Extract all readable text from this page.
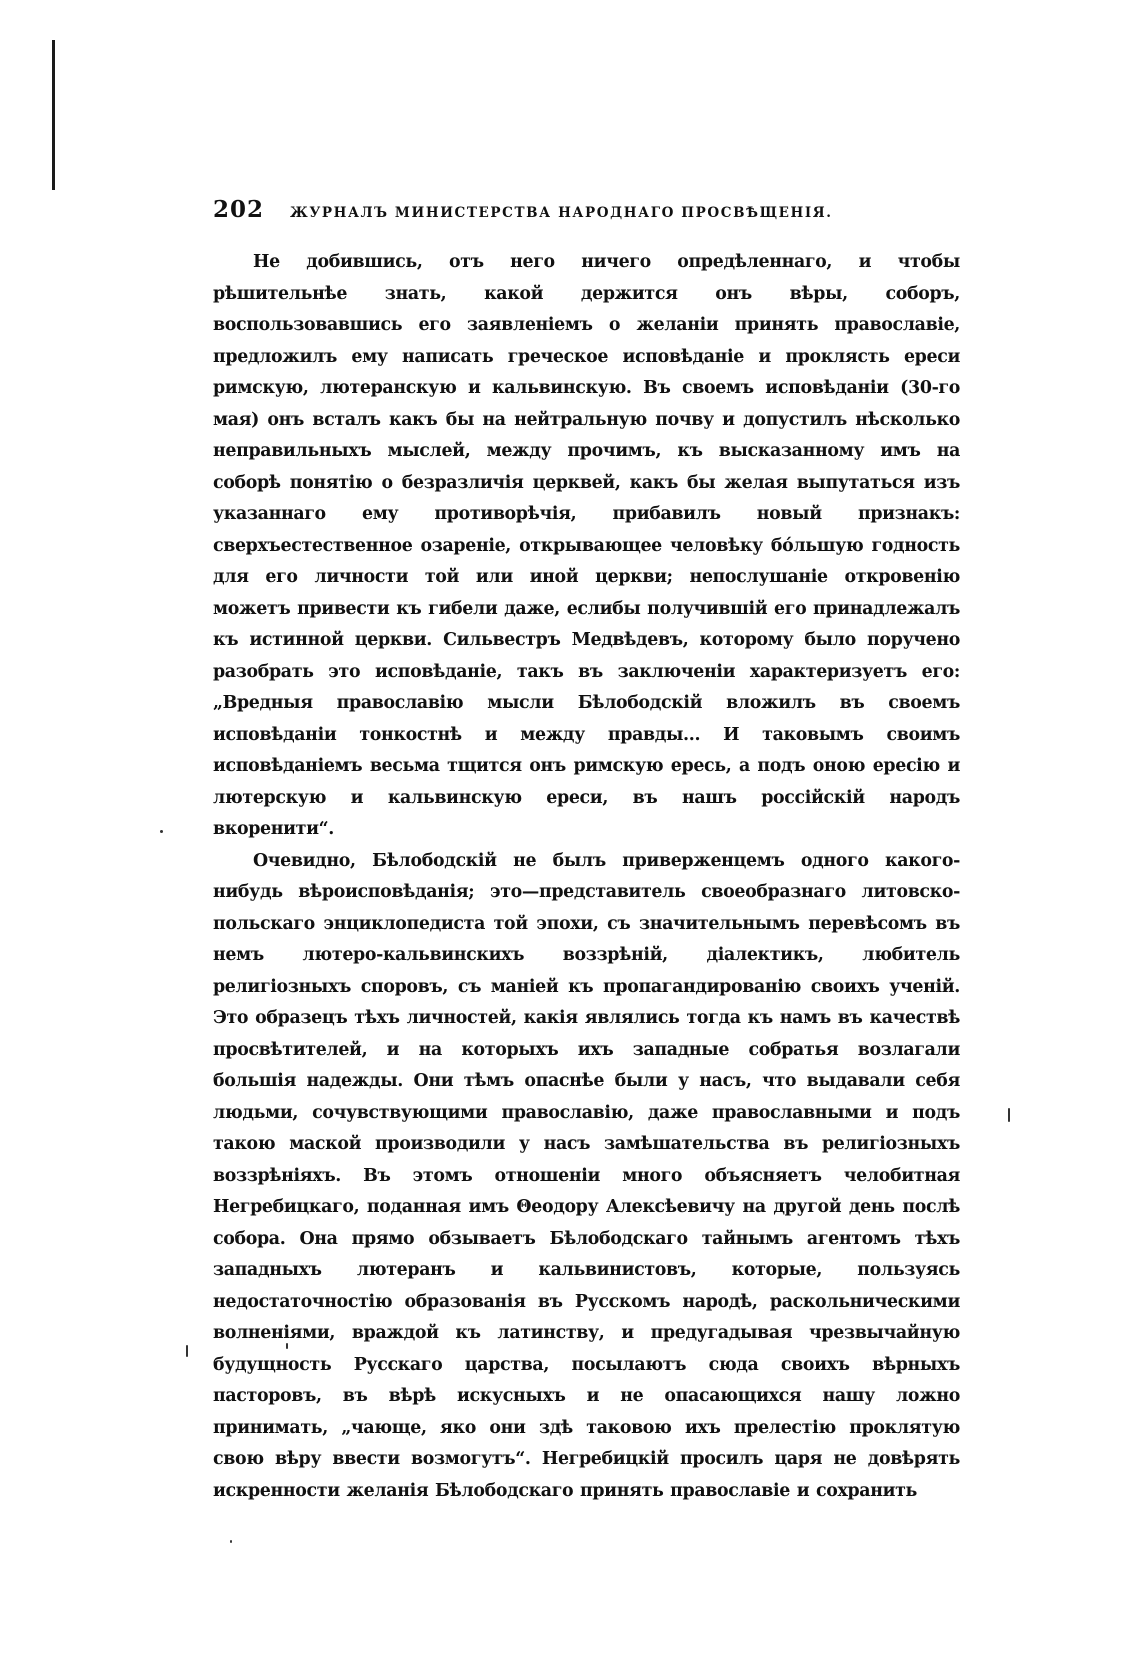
202 ЖУРНАЛЪ МИНИСТЕРСТВА НАРОДНАГО ПРОСВѢЩЕНІЯ.

Не добившись, отъ него ничего опредѣленнаго, и чтобы рѣшительнѣе знать, какой держится онъ вѣры, соборъ, воспользовавшись его заявленіемъ о желаніи принять православіе, предложилъ ему написать греческое исповѣданіе и проклясть ереси римскую, лютеранскую и кальвинскую. Въ своемъ исповѣданіи (30-го мая) онъ всталъ какъ бы на нейтральную почву и допустилъ нѣсколько неправильныхъ мыслей, между прочимъ, къ высказанному имъ на соборѣ понятію о безразличія церквей, какъ бы желая выпутаться изъ указаннаго ему противорѣчія, прибавилъ новый признакъ: сверхъестественное озареніе, открывающее человѣку бо́льшую годность для его личности той или иной церкви; непослушаніе откровенію можетъ привести къ гибели даже, еслибы получившій его принадлежалъ къ истинной церкви. Сильвестръ Медвѣдевъ, которому было поручено разобрать это исповѣданіе, такъ въ заключеніи характеризуетъ его: „Вредныя православію мысли Бѣлободскій вложилъ въ своемъ исповѣданіи тонкостнѣ и между правды... И таковымъ своимъ исповѣданіемъ весьма тщится онъ римскую ересь, а подъ оною ересію и лютерскую и кальвинскую ереси, въ нашъ россійскій народъ вкоренити“.

Очевидно, Бѣлободскій не былъ приверженцемъ одного какого-нибудь вѣроисповѣданія; это—представитель своеобразнаго литовско-польскаго энциклопедиста той эпохи, съ значительнымъ перевѣсомъ въ немъ лютеро-кальвинскихъ воззрѣній, діалектикъ, любитель религіозныхъ споровъ, съ маніей къ пропагандированію своихъ ученій. Это образецъ тѣхъ личностей, какія являлись тогда къ намъ въ качествѣ просвѣтителей, и на которыхъ ихъ западные собратья возлагали большія надежды. Они тѣмъ опаснѣе были у насъ, что выдавали себя людьми, сочувствующими православію, даже православными и подъ такою маской производили у насъ замѣшательства въ религіозныхъ воззрѣніяхъ. Въ этомъ отношеніи много объясняетъ челобитная Негребицкаго, поданная имъ Θеодору Алексѣевичу на другой день послѣ собора. Она прямо обзываетъ Бѣлободскаго тайнымъ агентомъ тѣхъ западныхъ лютеранъ и кальвинистовъ, которые, пользуясь недостаточностію образованія въ Русскомъ народѣ, раскольническими волненіями, враждой къ латинству, и предугадывая чрезвычайную будущность Русскаго царства, посылаютъ сюда своихъ вѣрныхъ пасторовъ, въ вѣрѣ искусныхъ и не опасающихся нашу ложно принимать, „чающе, яко они здѣ таковою ихъ прелестію проклятую свою вѣру ввести возмогутъ“. Негребицкій просилъ царя не довѣрять искренности желанія Бѣлободскаго принять православіе и сохранить
